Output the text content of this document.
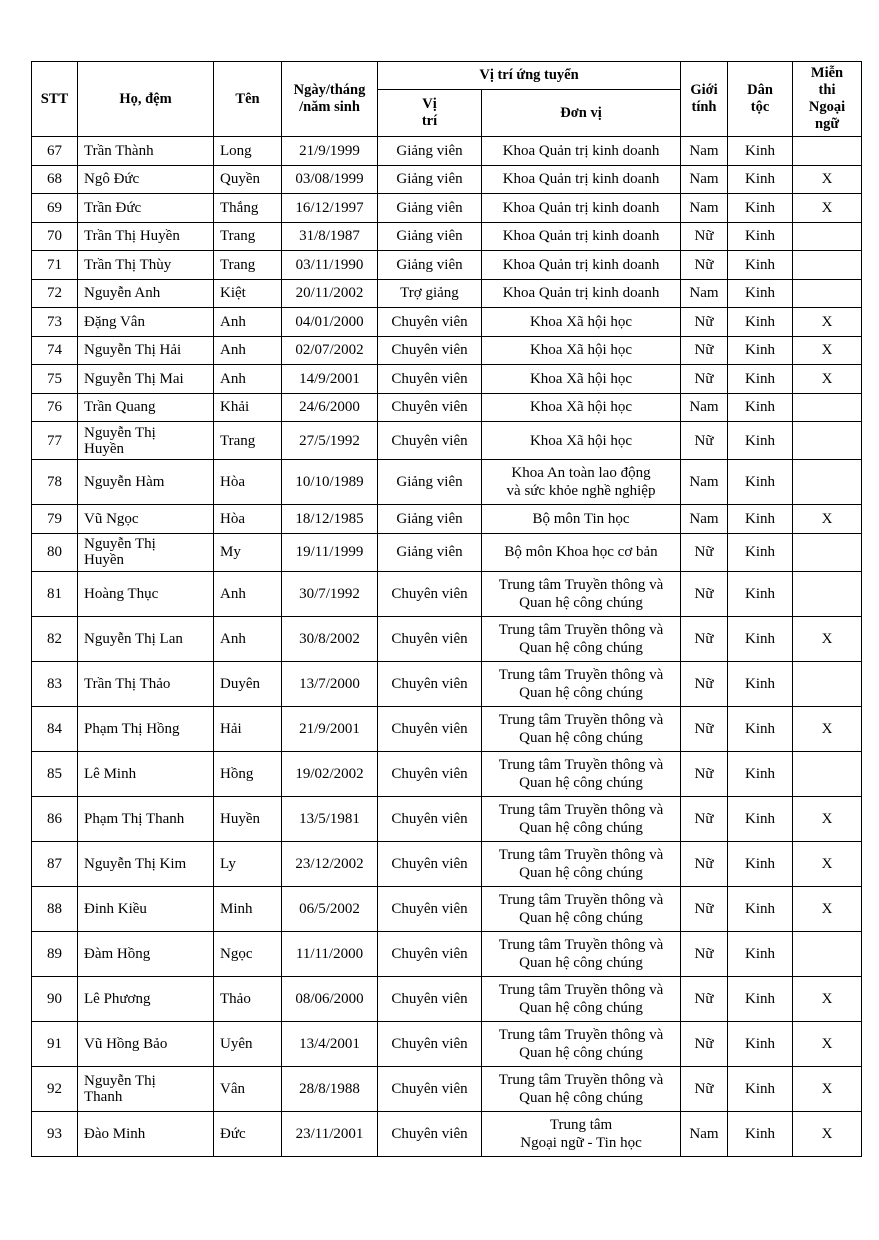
STT	Họ, đệm	Tên	Ngày/tháng
/năm sinh	Vị trí ứng tuyển		Giới
tính	Dân
tộc	Miễn
thi
Ngoại
ngữ
				Vị
trí	Đơn vị			
67	Trần Thành	Long	21/9/1999	Giảng viên	Khoa Quản trị kinh doanh	Nam	Kinh	
68	Ngô Đức	Quyền	03/08/1999	Giảng viên	Khoa Quản trị kinh doanh	Nam	Kinh	X
69	Trần Đức	Thắng	16/12/1997	Giảng viên	Khoa Quản trị kinh doanh	Nam	Kinh	X
70	Trần Thị Huyền	Trang	31/8/1987	Giảng viên	Khoa Quản trị kinh doanh	Nữ	Kinh	
71	Trần Thị Thùy	Trang	03/11/1990	Giảng viên	Khoa Quản trị kinh doanh	Nữ	Kinh	
72	Nguyễn Anh	Kiệt	20/11/2002	Trợ giảng	Khoa Quản trị kinh doanh	Nam	Kinh	
73	Đặng Vân	Anh	04/01/2000	Chuyên viên	Khoa Xã hội học	Nữ	Kinh	X
74	Nguyễn Thị Hải	Anh	02/07/2002	Chuyên viên	Khoa Xã hội học	Nữ	Kinh	X
75	Nguyễn Thị Mai	Anh	14/9/2001	Chuyên viên	Khoa Xã hội học	Nữ	Kinh	X
76	Trần Quang	Khải	24/6/2000	Chuyên viên	Khoa Xã hội học	Nam	Kinh	
77	Nguyễn Thị
Huyền	Trang	27/5/1992	Chuyên viên	Khoa Xã hội học	Nữ	Kinh	
78	Nguyễn Hàm	Hòa	10/10/1989	Giảng viên	Khoa An toàn lao động
và sức khỏe nghề nghiệp	Nam	Kinh	
79	Vũ Ngọc	Hòa	18/12/1985	Giảng viên	Bộ môn Tin học	Nam	Kinh	X
80	Nguyễn Thị
Huyền	My	19/11/1999	Giảng viên	Bộ môn Khoa học cơ bản	Nữ	Kinh	
81	Hoàng Thục	Anh	30/7/1992	Chuyên viên	Trung tâm Truyền thông và
Quan hệ công chúng	Nữ	Kinh	
82	Nguyễn Thị Lan	Anh	30/8/2002	Chuyên viên	Trung tâm Truyền thông và
Quan hệ công chúng	Nữ	Kinh	X
83	Trần Thị Thảo	Duyên	13/7/2000	Chuyên viên	Trung tâm Truyền thông và
Quan hệ công chúng	Nữ	Kinh	
84	Phạm Thị Hồng	Hải	21/9/2001	Chuyên viên	Trung tâm Truyền thông và
Quan hệ công chúng	Nữ	Kinh	X
85	Lê Minh	Hồng	19/02/2002	Chuyên viên	Trung tâm Truyền thông và
Quan hệ công chúng	Nữ	Kinh	
86	Phạm Thị Thanh	Huyền	13/5/1981	Chuyên viên	Trung tâm Truyền thông và
Quan hệ công chúng	Nữ	Kinh	X
87	Nguyễn Thị Kim	Ly	23/12/2002	Chuyên viên	Trung tâm Truyền thông và
Quan hệ công chúng	Nữ	Kinh	X
88	Đinh Kiều	Minh	06/5/2002	Chuyên viên	Trung tâm Truyền thông và
Quan hệ công chúng	Nữ	Kinh	X
89	Đàm Hồng	Ngọc	11/11/2000	Chuyên viên	Trung tâm Truyền thông và
Quan hệ công chúng	Nữ	Kinh	
90	Lê Phương	Thảo	08/06/2000	Chuyên viên	Trung tâm Truyền thông và
Quan hệ công chúng	Nữ	Kinh	X
91	Vũ Hồng Bảo	Uyên	13/4/2001	Chuyên viên	Trung tâm Truyền thông và
Quan hệ công chúng	Nữ	Kinh	X
92	Nguyễn Thị
Thanh	Vân	28/8/1988	Chuyên viên	Trung tâm Truyền thông và
Quan hệ công chúng	Nữ	Kinh	X
93	Đào Minh	Đức	23/11/2001	Chuyên viên	Trung tâm
Ngoại ngữ - Tin học	Nam	Kinh	X
